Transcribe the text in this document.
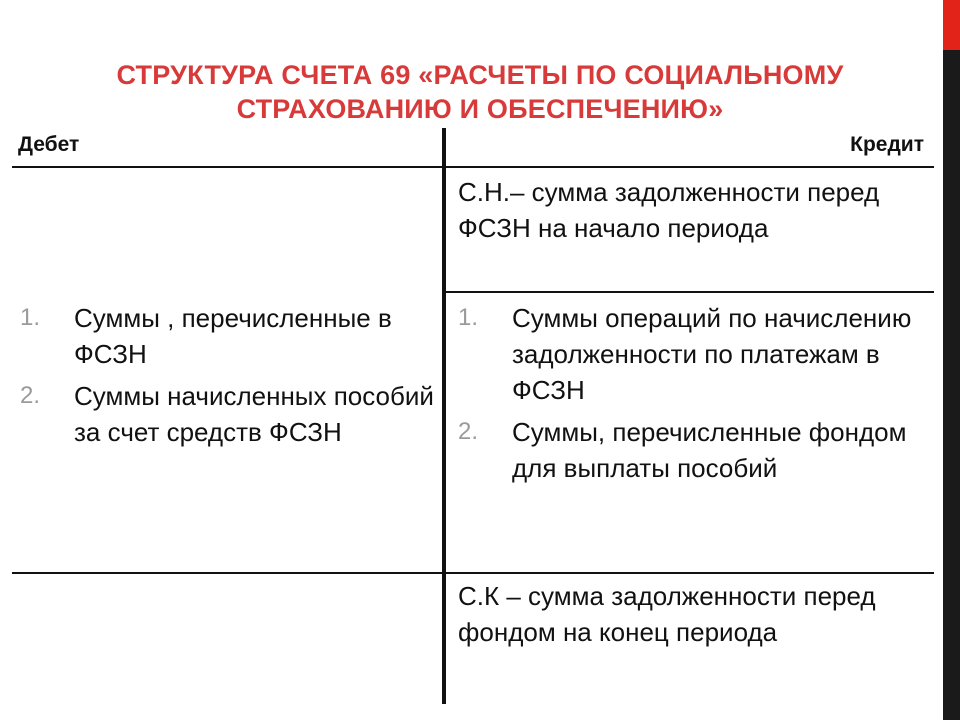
СТРУКТУРА СЧЕТА 69 «РАСЧЕТЫ ПО СОЦИАЛЬНОМУ
СТРАХОВАНИЮ И ОБЕСПЕЧЕНИЮ»
Дебет	Кредит

С.Н.– сумма задолженности перед ФСЗН на начало периода

1. Суммы , перечисленные в ФСЗН
2. Суммы начисленных пособий за счет средств ФСЗН
1. Суммы операций по начислению задолженности по платежам в ФСЗН
2. Суммы, перечисленные фондом для выплаты пособий

С.К – сумма задолженности перед фондом на конец периода
